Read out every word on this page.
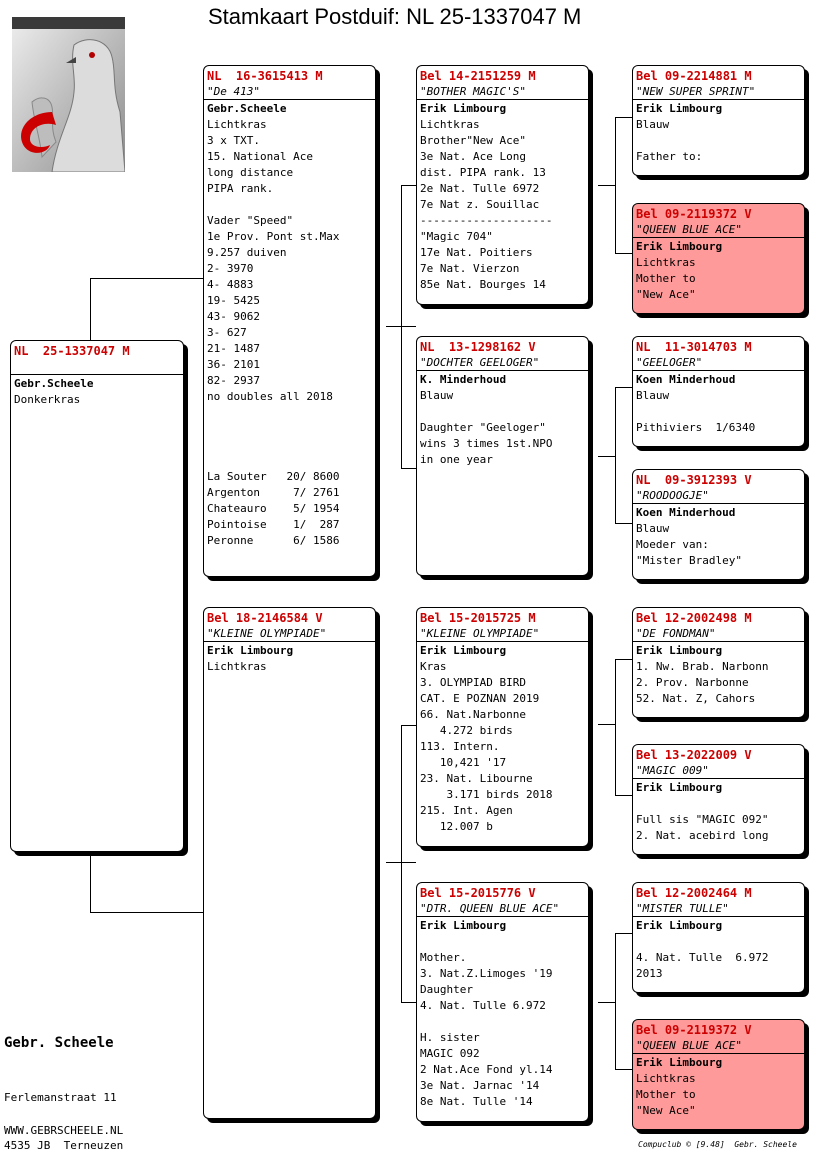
Stamkaart Postduif: NL 25-1337047 M
NL  25-1337047 M
Gebr.Scheele
Donkerkras
NL  16-3615413 M
"De 413"
Gebr.Scheele
Lichtkras
3 x TXT.
15. National Ace
long distance
PIPA rank.
Vader "Speed"
1e Prov. Pont st.Max
9.257 duiven
2- 3970
4- 4883
19- 5425
43- 9062
3- 627
21- 1487
36- 2101
82- 2937
no doubles all 2018
La Souter   20/ 8600
Argenton     7/ 2761
Chateauro    5/ 1954
Pointoise    1/  287
Peronne      6/ 1586
Bel 18-2146584 V
"KLEINE OLYMPIADE"
Erik Limbourg
Lichtkras
Bel 14-2151259 M
"BOTHER MAGIC'S"
Erik Limbourg
Lichtkras
Brother"New Ace"
3e Nat. Ace Long
dist. PIPA rank. 13
2e Nat. Tulle 6972
7e Nat z. Souillac
--------------------
"Magic 704"
17e Nat. Poitiers
7e Nat. Vierzon
85e Nat. Bourges 14
NL  13-1298162 V
"DOCHTER GEELOGER"
K. Minderhoud
Blauw
Daughter "Geeloger"
wins 3 times 1st.NPO
in one year
Bel 15-2015725 M
"KLEINE OLYMPIADE"
Erik Limbourg
Kras
3. OLYMPIAD BIRD
CAT. E POZNAN 2019
66. Nat.Narbonne
4.272 birds
113. Intern.
10,421 '17
23. Nat. Libourne
3.171 birds 2018
215. Int. Agen
12.007 b
Bel 15-2015776 V
"DTR. QUEEN BLUE ACE"
Erik Limbourg
Mother.
3. Nat.Z.Limoges '19
Daughter
4. Nat. Tulle 6.972
H. sister
MAGIC 092
2 Nat.Ace Fond yl.14
3e Nat. Jarnac '14
8e Nat. Tulle '14
Bel 09-2214881 M
"NEW SUPER SPRINT"
Erik Limbourg
Blauw
Father to:
Bel 09-2119372 V
"QUEEN BLUE ACE"
Erik Limbourg
Lichtkras
Mother to
"New Ace"
NL  11-3014703 M
"GEELOGER"
Koen Minderhoud
Blauw
Pithiviers  1/6340
NL  09-3912393 V
"ROODOOGJE"
Koen Minderhoud
Blauw
Moeder van:
"Mister Bradley"
Bel 12-2002498 M
"DE FONDMAN"
Erik Limbourg
1. Nw. Brab. Narbonn
2. Prov. Narbonne
52. Nat. Z, Cahors
Bel 13-2022009 V
"MAGIC 009"
Erik Limbourg
Full sis "MAGIC 092"
2. Nat. acebird long
Bel 12-2002464 M
"MISTER TULLE"
Erik Limbourg
4. Nat. Tulle  6.972
2013
Bel 09-2119372 V
"QUEEN BLUE ACE"
Erik Limbourg
Lichtkras
Mother to
"New Ace"
Gebr. Scheele

Ferlemanstraat 11

4535 JB  Terneuzen

WWW.GEBRSCHEELE.NL
Compuclub © [9.48]  Gebr. Scheele
